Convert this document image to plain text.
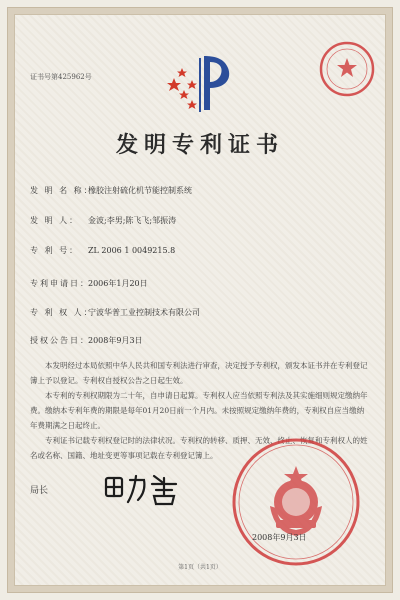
证书号第425962号
发明专利证书
发 明 名 称：橡胶注射硫化机节能控制系统
发 明 人： 金波;李男;陈飞飞;邹振涛
专 利 号： ZL 2006 1 0049215.8
专利申请日：2006年1月20日
专 利 权 人：宁波华普工业控制技术有限公司
授权公告日：2008年9月3日

本发明经过本局依照中华人民共和国专利法进行审查，决定授予专利权，颁发本证书并在专利登记簿上予以登记。专利权自授权公告之日起生效。

本专利的专利权期限为二十年，自申请日起算。专利权人应当依照专利法及其实施细则规定缴纳年费。缴纳本专利年费的期限是每年01月20日前一个月内。未按照规定缴纳年费的，专利权自应当缴纳年费期满之日起终止。

专利证书记载专利权登记时的法律状况。专利权的转移、质押、无效、终止、恢复和专利权人的姓名或名称、国籍、地址变更等事项记载在专利登记簿上。

局长
2008年9月3日
第1页（共1页）
